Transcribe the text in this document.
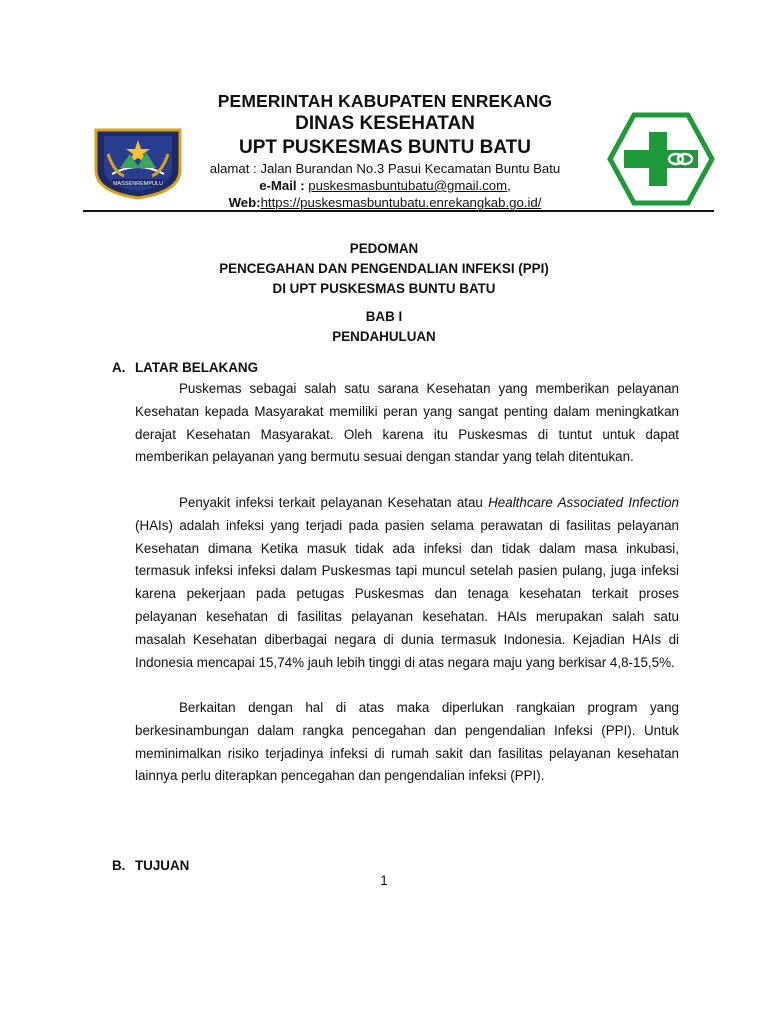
MASSENREMPULU
PEMERINTAH KABUPATEN ENREKANG
DINAS KESEHATAN
UPT PUSKESMAS BUNTU BATU
alamat : Jalan Burandan No.3 Pasui Kecamatan Buntu Batu
e-Mail : puskesmasbuntubatu@gmail.com,
Web:https://puskesmasbuntubatu.enrekangkab.go.id/
PEDOMAN
PENCEGAHAN DAN PENGENDALIAN INFEKSI (PPI)
DI UPT PUSKESMAS BUNTU BATU
BAB I
PENDAHULUAN
A. LATAR BELAKANG
Puskemas sebagai salah satu sarana Kesehatan yang memberikan pelayanan Kesehatan kepada Masyarakat memiliki peran yang sangat penting dalam meningkatkan derajat Kesehatan Masyarakat. Oleh karena itu Puskesmas di tuntut untuk dapat memberikan pelayanan yang bermutu sesuai dengan standar yang telah ditentukan.
Penyakit infeksi terkait pelayanan Kesehatan atau Healthcare Associated Infection (HAIs) adalah infeksi yang terjadi pada pasien selama perawatan di fasilitas pelayanan Kesehatan dimana Ketika masuk tidak ada infeksi dan tidak dalam masa inkubasi, termasuk infeksi infeksi dalam Puskesmas tapi muncul setelah pasien pulang, juga infeksi karena pekerjaan pada petugas Puskesmas dan tenaga kesehatan terkait proses pelayanan kesehatan di fasilitas pelayanan kesehatan. HAIs merupakan salah satu masalah Kesehatan diberbagai negara di dunia termasuk Indonesia. Kejadian HAIs di Indonesia mencapai 15,74% jauh lebih tinggi di atas negara maju yang berkisar 4,8-15,5%.
Berkaitan dengan hal di atas maka diperlukan rangkaian program yang berkesinambungan dalam rangka pencegahan dan pengendalian Infeksi (PPI). Untuk meminimalkan risiko terjadinya infeksi di rumah sakit dan fasilitas pelayanan kesehatan lainnya perlu diterapkan pencegahan dan pengendalian infeksi (PPI).
B. TUJUAN
1
